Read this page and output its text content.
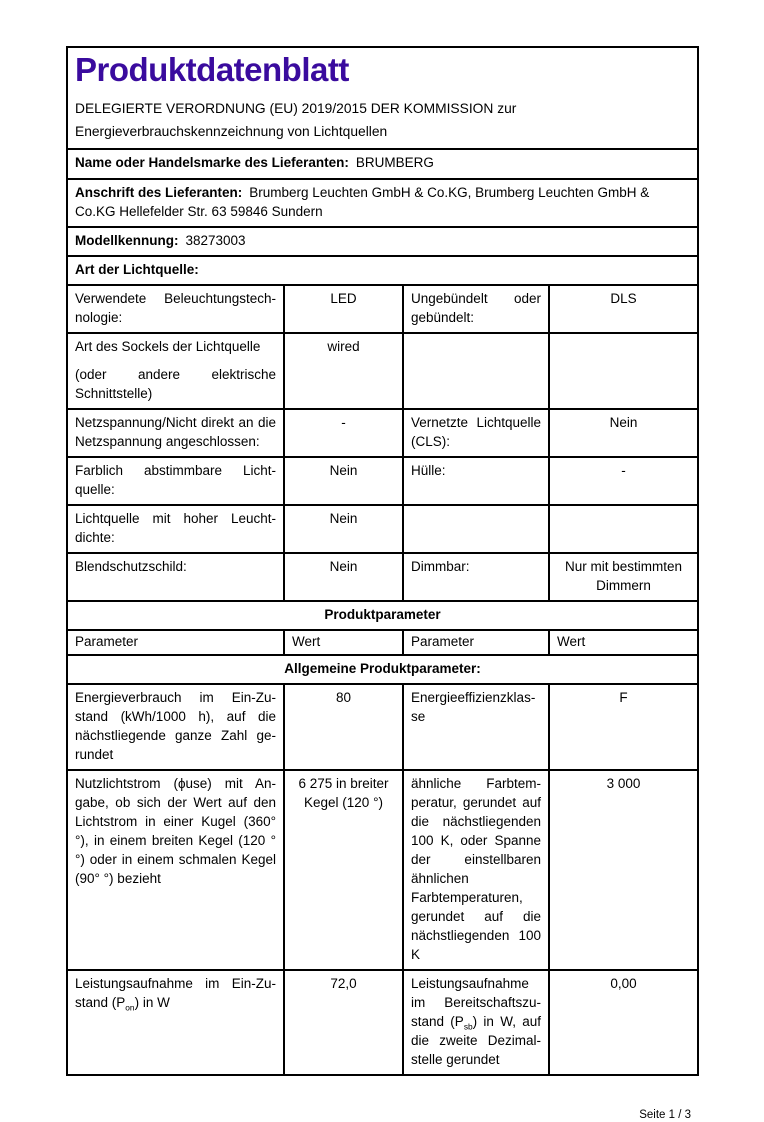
Produktdatenblatt
DELEGIERTE VERORDNUNG (EU) 2019/2015 DER KOMMISSION zur Energieverbrauchskennzeichnung von Lichtquellen			

Name oder Handelsmarke des Lieferanten: BRUMBERG			
Anschrift des Lieferanten: Brumberg Leuchten GmbH & Co.KG, Brumberg Leuchten GmbH & Co.KG Hellefelder Str. 63 59846 Sundern			
Modellkennung: 38273003			
Art der Lichtquelle:			
Verwendete Beleuchtungstechnologie:	LED	Ungebündelt oder gebündelt:	DLS

Art des Sockels der Lichtquelle
(oder andere elektrische Schnittstelle)	wired		
Netzspannung/Nicht direkt an die Netzspannung angeschlossen:	-	Vernetzte Lichtquelle (CLS):	Nein
Farblich abstimmbare Lichtquelle:	Nein	Hülle:	-
Lichtquelle mit hoher Leuchtdichte:	Nein		
Blendschutzschild:	Nein	Dimmbar:	Nur mit bestimmten Dimmern
Produktparameter			
Parameter	Wert	Parameter	Wert
Allgemeine Produktparameter:			
Energieverbrauch im Ein-Zustand (kWh/1000 h), auf die nächstliegende ganze Zahl gerundet	80	Energieeffizienzklasse	F
Nutzlichtstrom (ϕuse) mit Angabe, ob sich der Wert auf den Lichtstrom in einer Kugel (360° °), in einem breiten Kegel (120 °°) oder in einem schmalen Kegel (90° °) bezieht	6 275 in breiter Kegel (120 °)	ähnliche Farbtemperatur, gerundet auf die nächstliegenden 100 K, oder Spanne der einstellbaren ähnlichen Farbtemperaturen, gerundet auf die nächstliegenden 100 K	3 000
Leistungsaufnahme im Ein-Zustand $(P_{on})$ in W	72,0	Leistungsaufnahme im Bereitschaftszustand $(P_{sb})$ in W, auf die zweite Dezimalstelle gerundet	0,00
Seite 1 / 3
